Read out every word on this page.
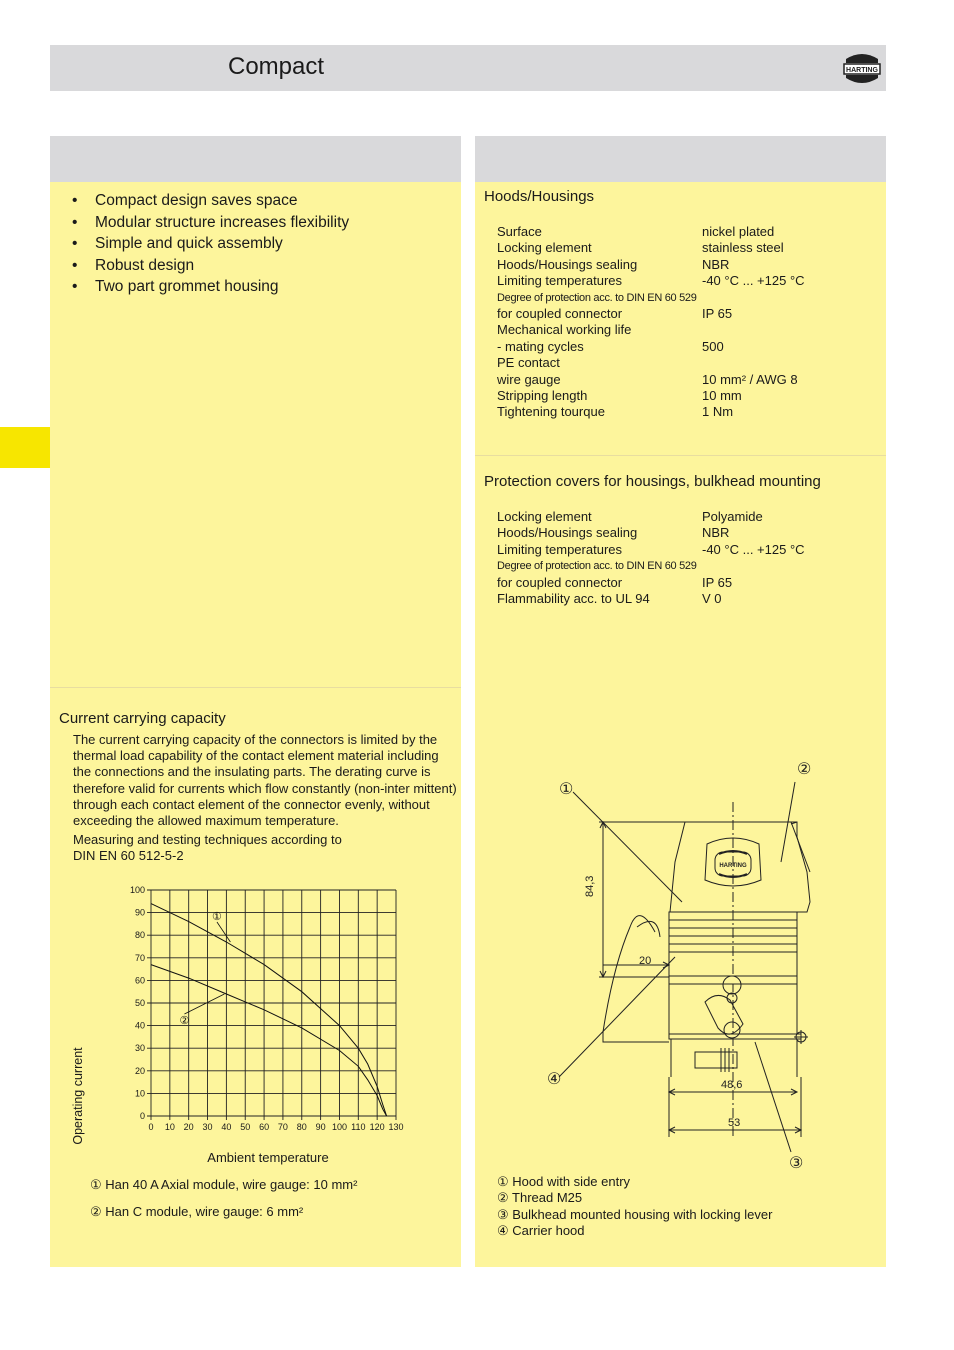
Compact	HARTING
• Compact design saves space
• Modular structure increases flexibility
• Simple and quick assembly
• Robust design
• Two part grommet housing
Current carrying capacity
The current carrying capacity of the connectors is limited by the thermal load capability of the contact element material including the connections and the insulating parts. The derating curve is therefore valid for currents which flow constantly (non-inter mittent) through each contact element of the connector evenly, without exceeding the allowed maximum temperature.
Measuring and testing techniques according to
DIN EN 60 512-5-2
0 10 20 30 40 50 60 70 80 90 100 110 120 130
0
10
20
30
40
50
60
70
80
90
100
①
②
Operating current
Ambient temperature
① Han 40 A Axial module, wire gauge: 10 mm²
② Han C module, wire gauge: 6 mm²
Hoods/Housings
Surface	nickel plated
Locking element	stainless steel
Hoods/Housings sealing	NBR
Limiting temperatures	-40 °C ... +125 °C
Degree of protection acc. to DIN EN 60 529
for coupled connector	IP 65
Mechanical working life
- mating cycles	500
PE contact
wire gauge	10 mm² / AWG 8
Stripping length	10 mm
Tightening tourque	1 Nm
Protection covers for housings, bulkhead mounting
Locking element	Polyamide
Hoods/Housings sealing	NBR
Limiting temperatures	-40 °C ... +125 °C
Degree of protection acc. to DIN EN 60 529
for coupled connector	IP 65
Flammability acc. to UL 94	V 0
HARTING
84,3
20
48,6
53
①
②
③
④
① Hood with side entry
② Thread M25
③ Bulkhead mounted housing with locking lever
④ Carrier hood
